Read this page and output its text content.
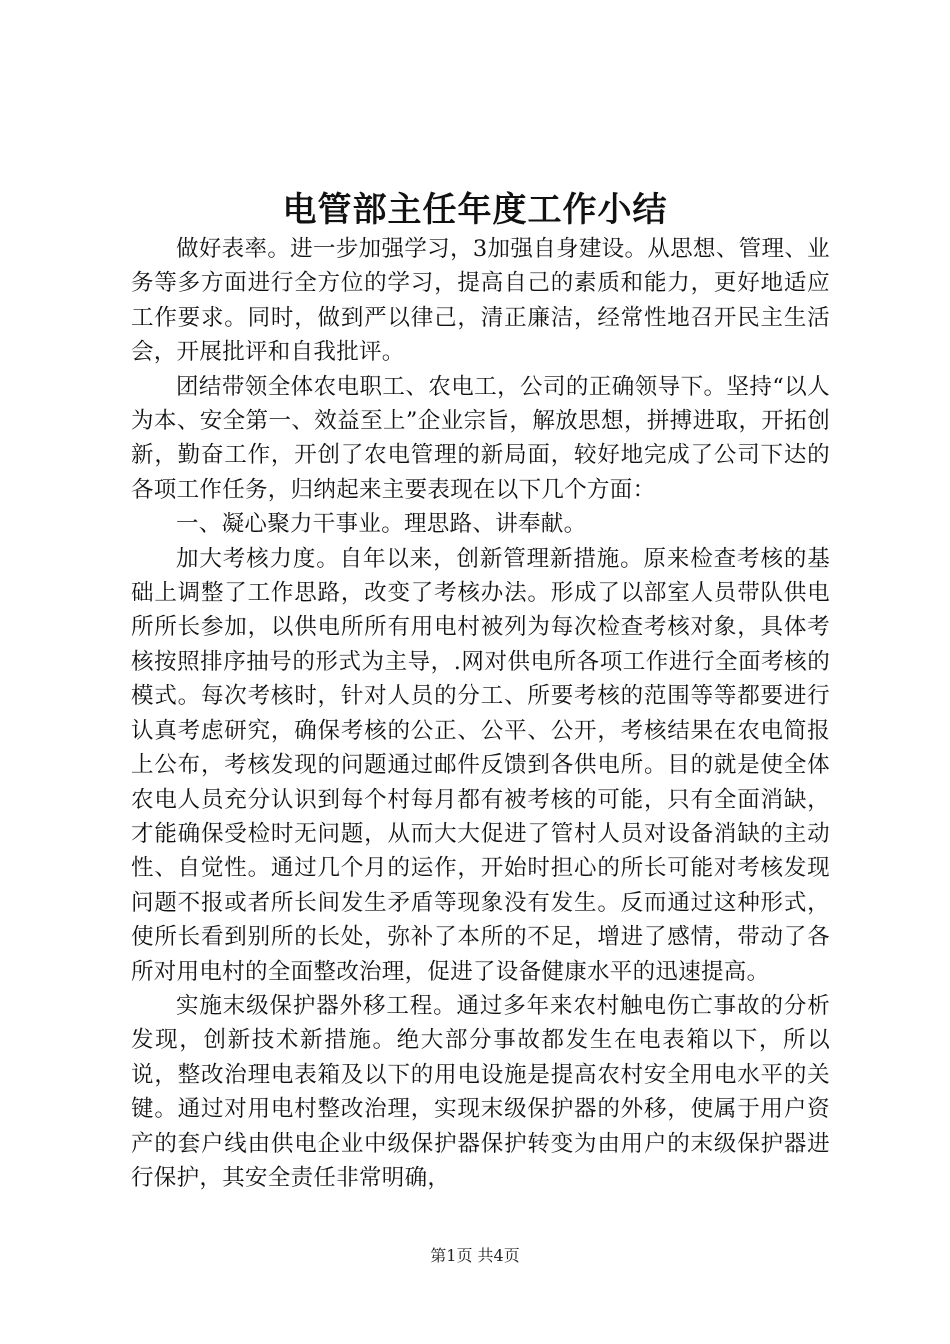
电管部主任年度工作小结

做好表率。进一步加强学习，3加强自身建设。从思想、管理、业务等多方面进行全方位的学习，提高自己的素质和能力，更好地适应工作要求。同时，做到严以律己，清正廉洁，经常性地召开民主生活会，开展批评和自我批评。

团结带领全体农电职工、农电工，公司的正确领导下。坚持“以人为本、安全第一、效益至上”企业宗旨，解放思想，拼搏进取，开拓创新，勤奋工作，开创了农电管理的新局面，较好地完成了公司下达的各项工作任务，归纳起来主要表现在以下几个方面：

一、凝心聚力干事业。理思路、讲奉献。

加大考核力度。自年以来，创新管理新措施。原来检查考核的基础上调整了工作思路，改变了考核办法。形成了以部室人员带队供电所所长参加，以供电所所有用电村被列为每次检查考核对象，具体考核按照排序抽号的形式为主导，.网对供电所各项工作进行全面考核的模式。每次考核时，针对人员的分工、所要考核的范围等等都要进行认真考虑研究，确保考核的公正、公平、公开，考核结果在农电简报上公布，考核发现的问题通过邮件反馈到各供电所。目的就是使全体农电人员充分认识到每个村每月都有被考核的可能，只有全面消缺，才能确保受检时无问题，从而大大促进了管村人员对设备消缺的主动性、自觉性。通过几个月的运作，开始时担心的所长可能对考核发现问题不报或者所长间发生矛盾等现象没有发生。反而通过这种形式，使所长看到别所的长处，弥补了本所的不足，增进了感情，带动了各所对用电村的全面整改治理，促进了设备健康水平的迅速提高。

实施末级保护器外移工程。通过多年来农村触电伤亡事故的分析发现，创新技术新措施。绝大部分事故都发生在电表箱以下，所以说，整改治理电表箱及以下的用电设施是提高农村安全用电水平的关键。通过对用电村整改治理，实现末级保护器的外移，使属于用户资产的套户线由供电企业中级保护器保护转变为由用户的末级保护器进行保护，其安全责任非常明确，

第1页 共4页
